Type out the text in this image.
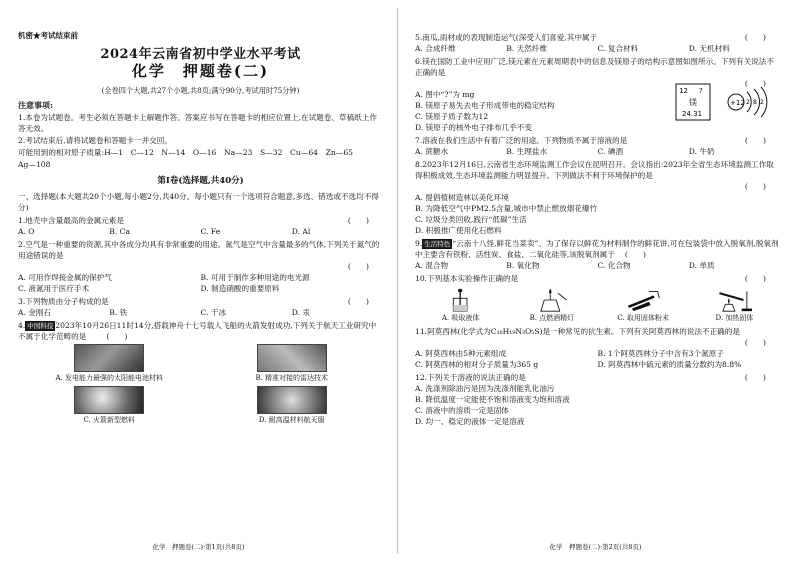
机密★考试结束前
2024年云南省初中学业水平考试
化学　押题卷(二)
(全卷四个大题,共27个小题,共8页;满分90分,考试用时75分钟)
注意事项:
1.本卷为试题卷。考生必须在答题卡上解题作答。答案应书写在答题卡的相应位置上,在试题卷、草稿纸上作答无效。
2.考试结束后,请将试题卷和答题卡一并交回。
可能用到的相对原子质量:H—1　C—12　N—14　O—16　Na—23　S—32　Cu—64　Zn—65
Ag—108
第Ⅰ卷(选择题,共40分)
一、选择题(本大题共20个小题,每小题2分,共40分。每小题只有一个选项符合题意,多选、错选或不选均不得分)
(　　)
1.地壳中含量最高的金属元素是
A. O	B. Ca	C. Fe	D. Al
2.空气是一种重要的资源,其中各成分均具有非常重要的用途。氮气是空气中含量最多的气体,下列关于氮气的用途错误的是
(　　)
A. 可用作焊接金属的保护气	B. 可用于制作多种用途的电光源
C. 液氮用于医疗手术	D. 制造硝酸的重要原料
(　　)
3.下列物质由分子构成的是
A. 金刚石	B. 铁	C. 干冰	D. 汞
4. 中国科技 2023年10月26日11时14分,搭载神舟十七号载人飞船的火箭发射成功,下列关于航天工业研究中不属于化学范畴的是	(　　)
A. 发电能力最强的太阳能电池材料	B. 精准对接的雷达技术
C. 火箭新型燃料	D. 耐高温材料航天服
化学　押题卷(二)·第1页(共8页)
(　　)
5.南瓜,雨材或的表现制造运气(深受人们喜爱,其中属于
A. 合成纤维	B. 天然纤维	C. 复合材料	D. 无机材料
6.镁在国防工业中应用广泛,镁元素在元素周期表中的信息及镁原子的结构示意图如图所示。下列有关说法不正确的是
(　　)
A. 图中“?”为 mg
B. 镁原子易失去电子形成带电的稳定结构
C. 镁原子质子数为12
D. 镁原子的核外电子排布几乎不变
12 ?
镁
24.31
+12 2 8 2
(　　)
7.溶液在我们生活中有着广泛的用途。下列物质不属于溶液的是
A. 蔗糖水	B. 生理盐水	C. 碘酒	D. 牛奶
8.2023年12月16日,云南省生态环境监测工作会议在昆明召开。会议指出:2023年全省生态环境监测工作取得积极成效,生态环境监测能力明显提升。下列做法不利于环境保护的是
(　　)
A. 提倡植树造林以美化环境
B. 为降低空气中PM2.5含量,城市中禁止燃放烟花爆竹
C. 垃圾分类回收,践行“低碳”生活
D. 积极推广使用化石燃料
9. 生活特色 “云南十八怪,鲜花当菜卖”。为了保存以鲜花为材料制作的鲜花饼,可在包装袋中放入脱氧剂,脱氧剂中主要含有铁粉、活性炭、食盐、二氧化硅等,该脱氧剂属于 (　　)
A. 混合物	B. 氧化物	C. 化合物	D. 单质
(　　)
10.下列基本实验操作正确的是
A. 吸取液体	B. 点燃酒精灯	C. 取用固体粉末	D. 加热固体
11.阿莫西林(化学式为C₁₆H₁₉N₃O₅S)是一种常见的抗生素。下列有关阿莫西林的说法不正确的是
(　　)
A. 阿莫西林由5种元素组成	B. 1个阿莫西林分子中含有3个氮原子
C. 阿莫西林的相对分子质量为365 g	D. 阿莫西林中硫元素的质量分数约为8.8%
(　　)
12.下列关于溶液的说法正确的是
A. 洗涤剂除油污是因为洗涤剂能乳化油污
B. 降低温度一定能使不饱和溶液变为饱和溶液
C. 溶液中的溶质一定是固体
D. 均一、稳定的液体一定是溶液
化学　押题卷(二)·第2页(共8页)
